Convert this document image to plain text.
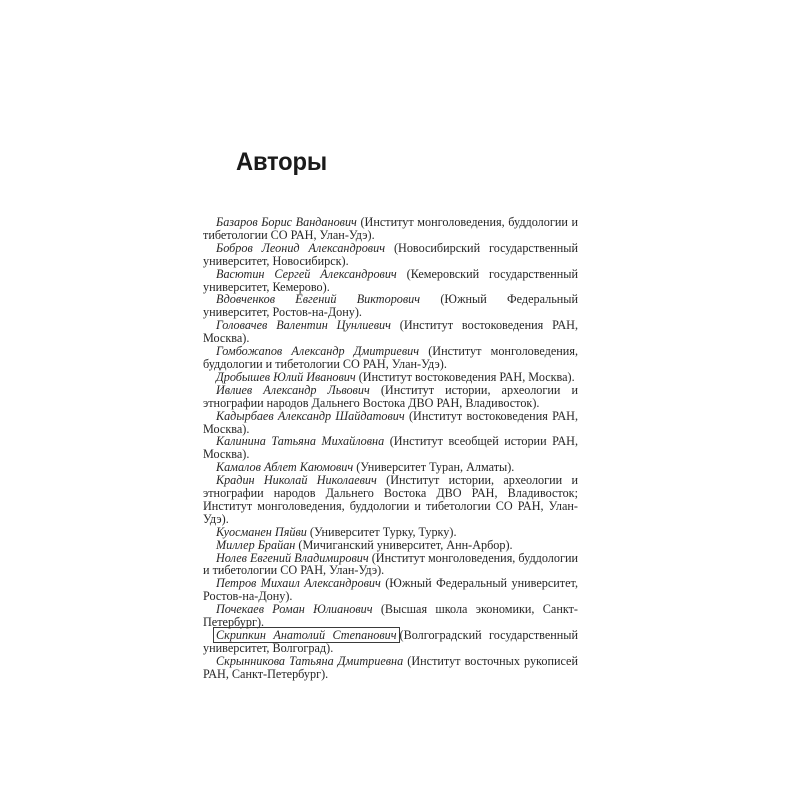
Авторы

Базаров Борис Ванданович (Институт монголоведения, буддологии и тибетологии СО РАН, Улан-Удэ).

Бобров Леонид Александрович (Новосибирский государственный университет, Новосибирск).

Васютин Сергей Александрович (Кемеровский государственный университет, Кемерово).

Вдовченков Евгений Викторович (Южный Федеральный университет, Ростов-на-Дону).

Головачев Валентин Цунлиевич (Институт востоковедения РАН, Москва).

Гомбожапов Александр Дмитриевич (Институт монголоведения, буддологии и тибетологии СО РАН, Улан-Удэ).

Дробышев Юлий Иванович (Институт востоковедения РАН, Москва).

Ивлиев Александр Львович (Институт истории, археологии и этнографии народов Дальнего Востока ДВО РАН, Владивосток).

Кадырбаев Александр Шайдатович (Институт востоковедения РАН, Москва).

Калинина Татьяна Михайловна (Институт всеобщей истории РАН, Москва).

Камалов Аблет Каюмович (Университет Туран, Алматы).

Крадин Николай Николаевич (Институт истории, археологии и этнографии народов Дальнего Востока ДВО РАН, Владивосток; Институт монголоведения, буддологии и тибетологии СО РАН, Улан-Удэ).

Куосманен Пяйви (Университет Турку, Турку).

Миллер Брайан (Мичиганский университет, Анн-Арбор).

Нолев Евгений Владимирович (Институт монголоведения, буддологии и тибетологии СО РАН, Улан-Удэ).

Петров Михаил Александрович (Южный Федеральный университет, Ростов-на-Дону).

Почекаев Роман Юлианович (Высшая школа экономики, Санкт-Петербург).

Скрипкин Анатолий Степанович (Волгоградский государственный университет, Волгоград).

Скрынникова Татьяна Дмитриевна (Институт восточных рукописей РАН, Санкт-Петербург).
